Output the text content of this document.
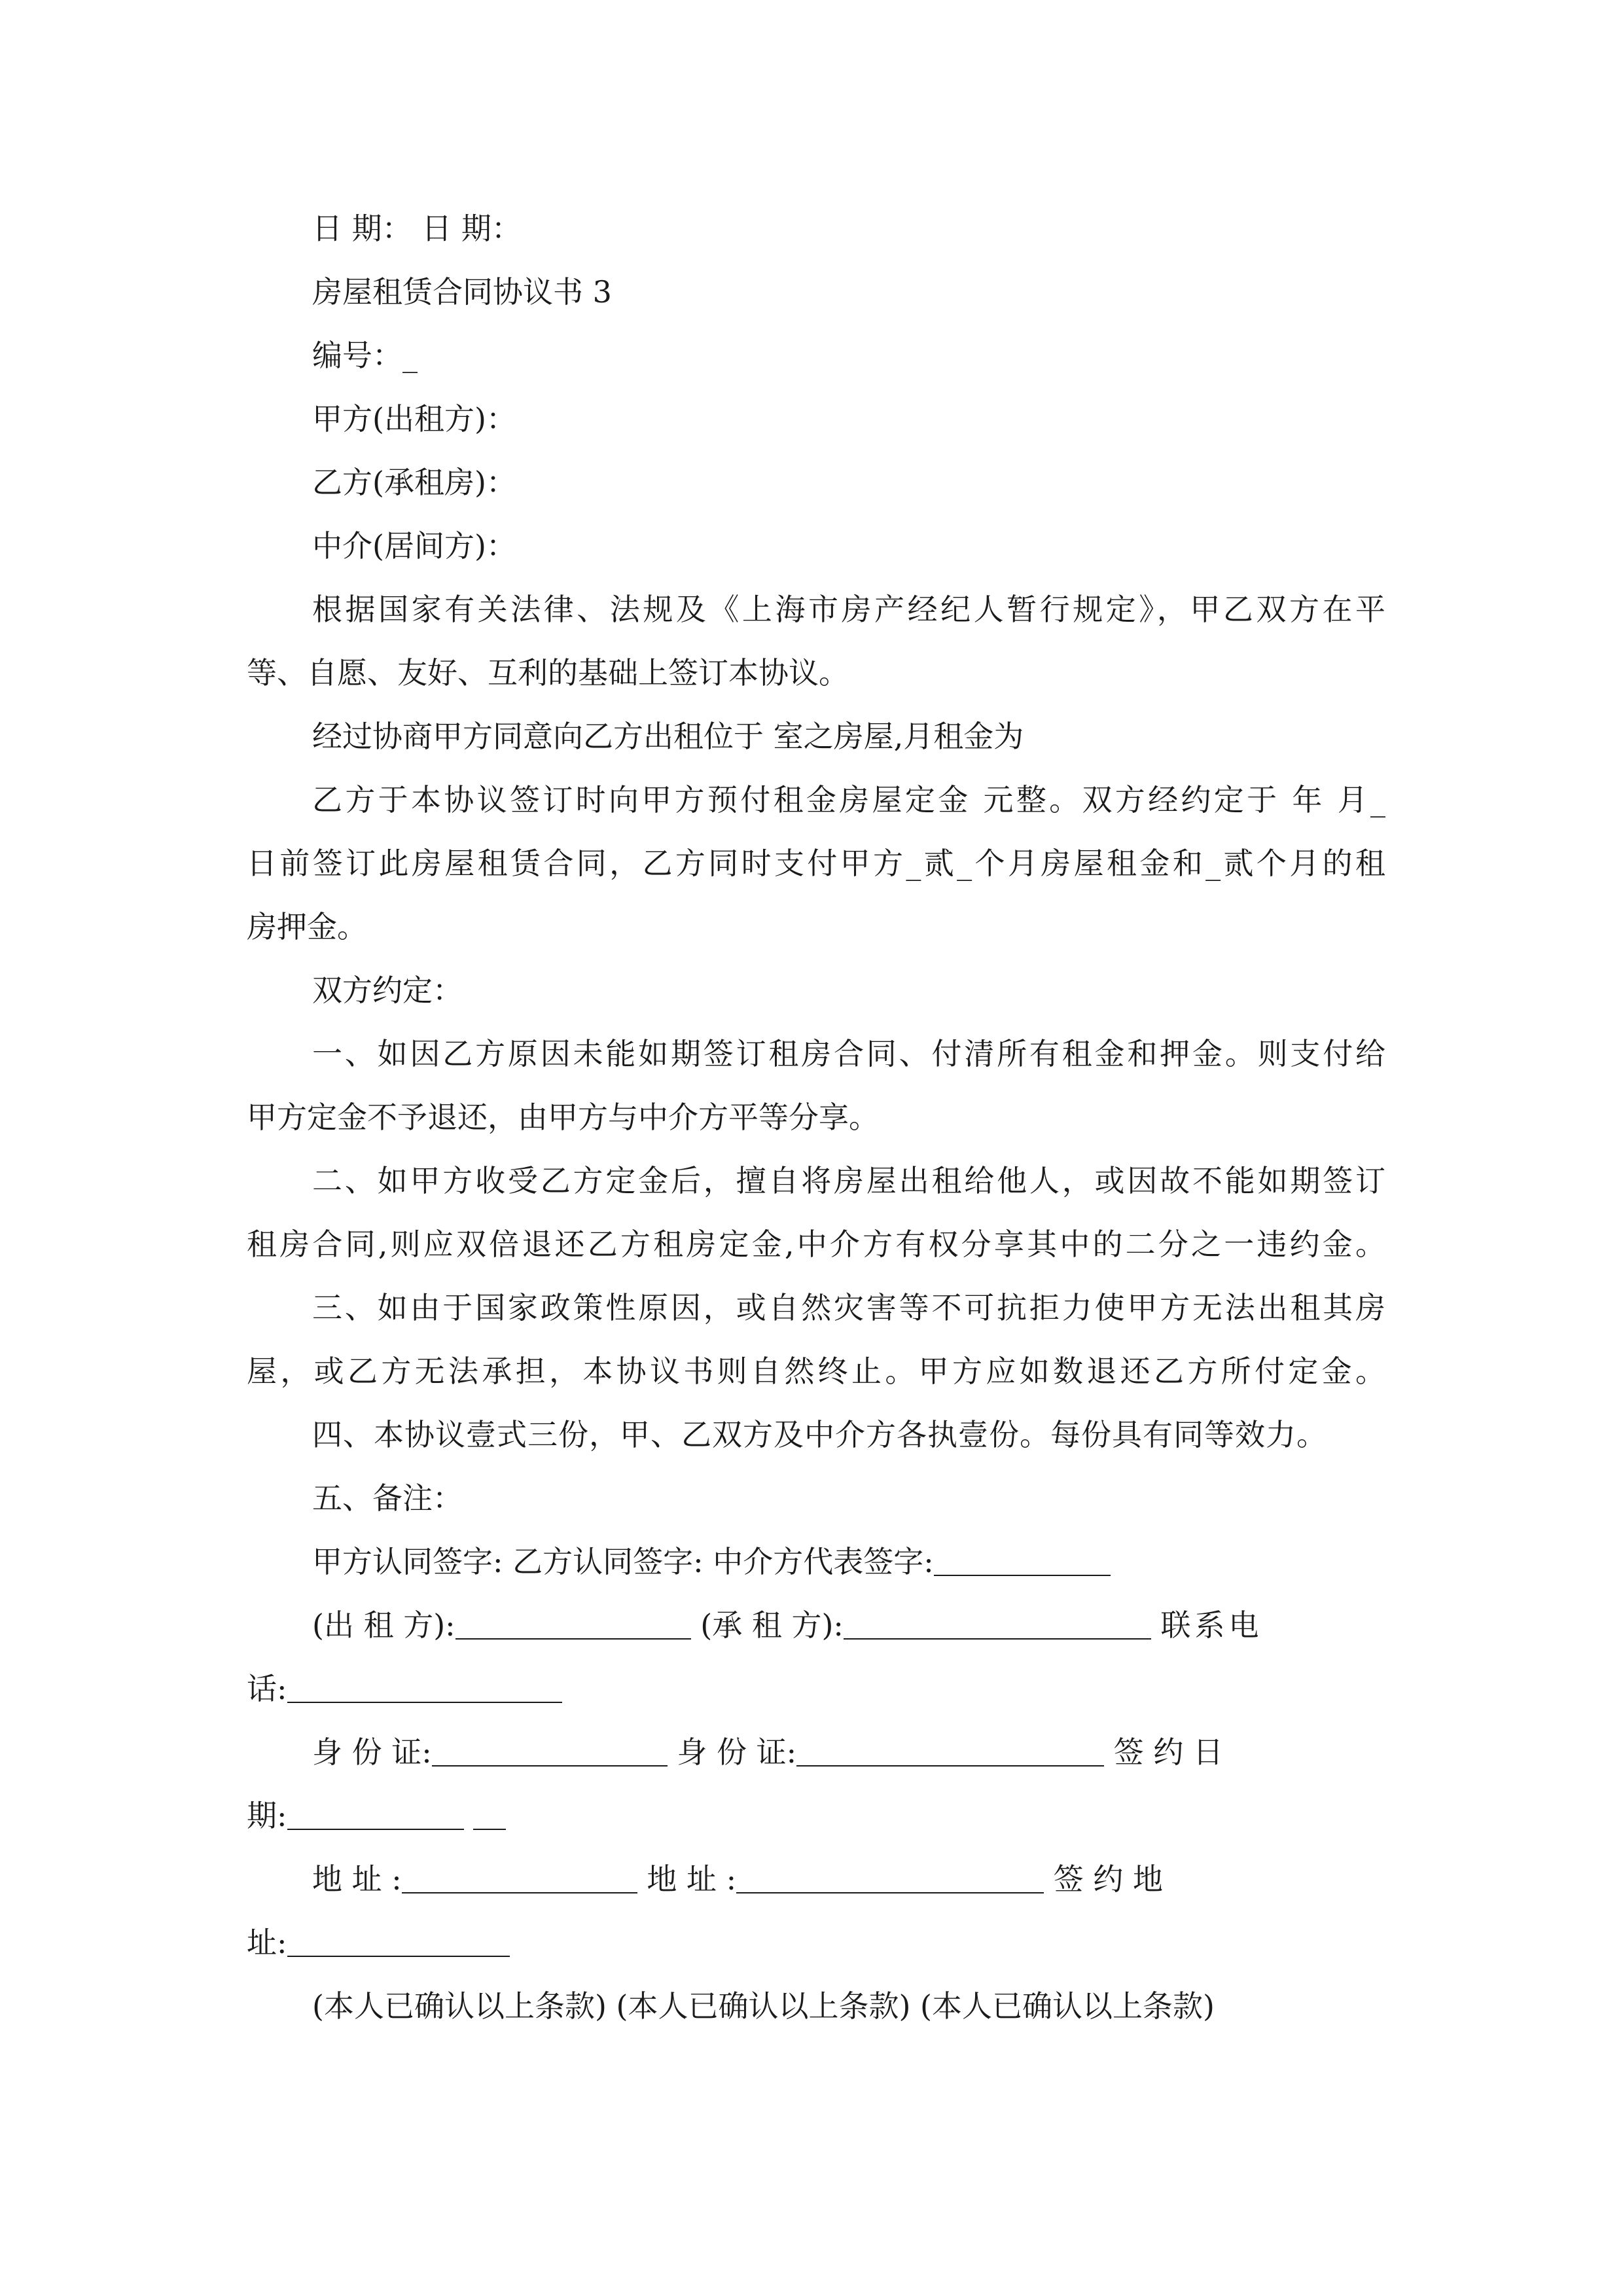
日 期： 日 期：
房屋租赁合同协议书 3
编号：_
甲方(出租方)：
乙方(承租房)：
中介(居间方)：
根据国家有关法律、法规及《上海市房产经纪人暂行规定》，甲乙双方在平
等、自愿、友好、互利的基础上签订本协议。
经过协商甲方同意向乙方出租位于 室之房屋,月租金为
乙方于本协议签订时向甲方预付租金房屋定金 元整。双方经约定于 年 月_
日前签订此房屋租赁合同，乙方同时支付甲方_贰_个月房屋租金和_贰个月的租
房押金。
双方约定：
一、如因乙方原因未能如期签订租房合同、付清所有租金和押金。则支付给
甲方定金不予退还，由甲方与中介方平等分享。
二、如甲方收受乙方定金后，擅自将房屋出租给他人，或因故不能如期签订
租房合同,则应双倍退还乙方租房定金,中介方有权分享其中的二分之一违约金。
三、如由于国家政策性原因，或自然灾害等不可抗拒力使甲方无法出租其房
屋，或乙方无法承担，本协议书则自然终止。甲方应如数退还乙方所付定金。
四、本协议壹式三份，甲、乙双方及中介方各执壹份。每份具有同等效力。
五、备注：
甲方认同签字: 乙方认同签字: 中介方代表签字:
(出 租 方):	(承 租 方):	联系电
话:
身 份 证:	身 份 证:	签 约 日
期:
地 址 :	地 址 :	签 约 地
址:
(本人已确认以上条款) (本人已确认以上条款) (本人已确认以上条款)
